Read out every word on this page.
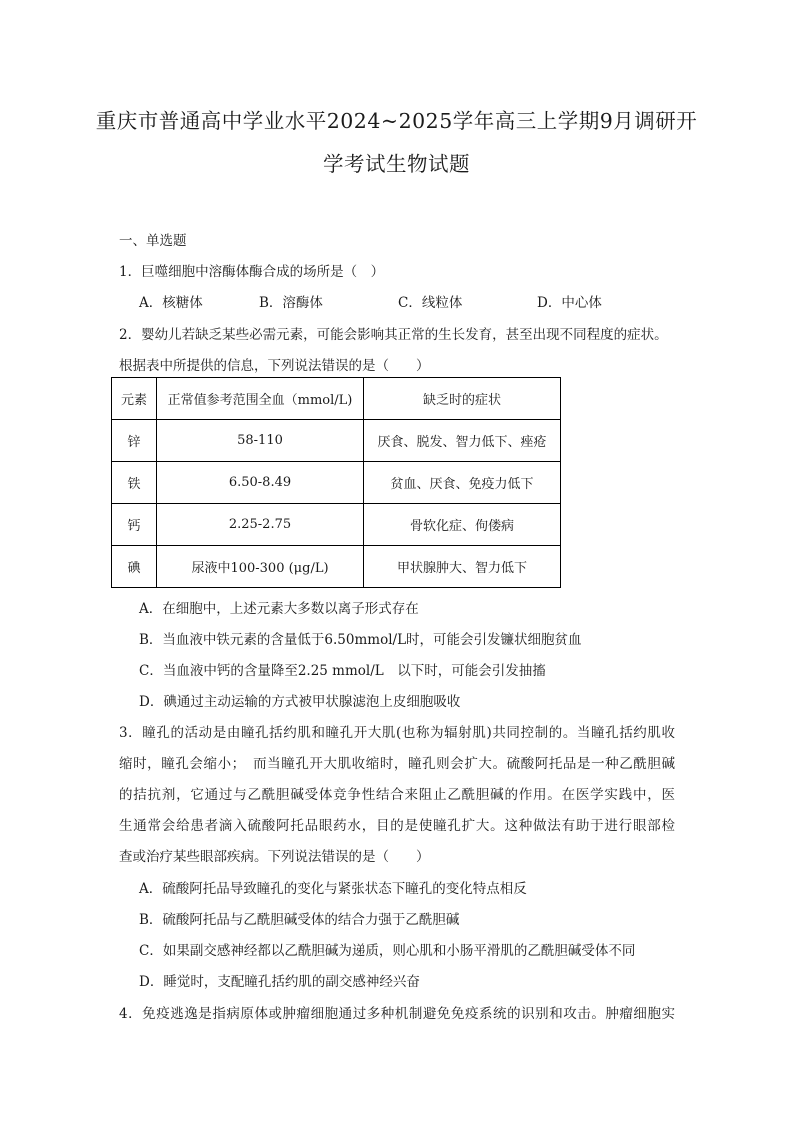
重庆市普通高中学业水平2024~2025学年高三上学期9月调研开
学考试生物试题
一、单选题
1．巨噬细胞中溶酶体酶合成的场所是（　）
A．核糖体	B．溶酶体	C．线粒体	D．中心体
2．婴幼儿若缺乏某些必需元素，可能会影响其正常的生长发育，甚至出现不同程度的症状。
根据表中所提供的信息，下列说法错误的是（　　）
元素	正常值参考范围全血（mmol/L)	缺乏时的症状
锌	58-110	厌食、脱发、智力低下、痤疮
铁	6.50-8.49	贫血、厌食、免疫力低下
钙	2.25-2.75	骨软化症、佝偻病
碘	尿液中100-300 (μg/L)	甲状腺肿大、智力低下
A．在细胞中，上述元素大多数以离子形式存在
B．当血液中铁元素的含量低于6.50mmol/L时，可能会引发镰状细胞贫血
C．当血液中钙的含量降至2.25 mmol/L　以下时，可能会引发抽搐
D．碘通过主动运输的方式被甲状腺滤泡上皮细胞吸收
3．瞳孔的活动是由瞳孔括约肌和瞳孔开大肌(也称为辐射肌)共同控制的。当瞳孔括约肌收
缩时，瞳孔会缩小；　而当瞳孔开大肌收缩时，瞳孔则会扩大。硫酸阿托品是一种乙酰胆碱
的拮抗剂，它通过与乙酰胆碱受体竞争性结合来阻止乙酰胆碱的作用。在医学实践中，医
生通常会给患者滴入硫酸阿托品眼药水，目的是使瞳孔扩大。这种做法有助于进行眼部检
查或治疗某些眼部疾病。下列说法错误的是（　　）
A．硫酸阿托品导致瞳孔的变化与紧张状态下瞳孔的变化特点相反
B．硫酸阿托品与乙酰胆碱受体的结合力强于乙酰胆碱
C．如果副交感神经都以乙酰胆碱为递质，则心肌和小肠平滑肌的乙酰胆碱受体不同
D．睡觉时，支配瞳孔括约肌的副交感神经兴奋
4．免疫逃逸是指病原体或肿瘤细胞通过多种机制避免免疫系统的识别和攻击。肿瘤细胞实
